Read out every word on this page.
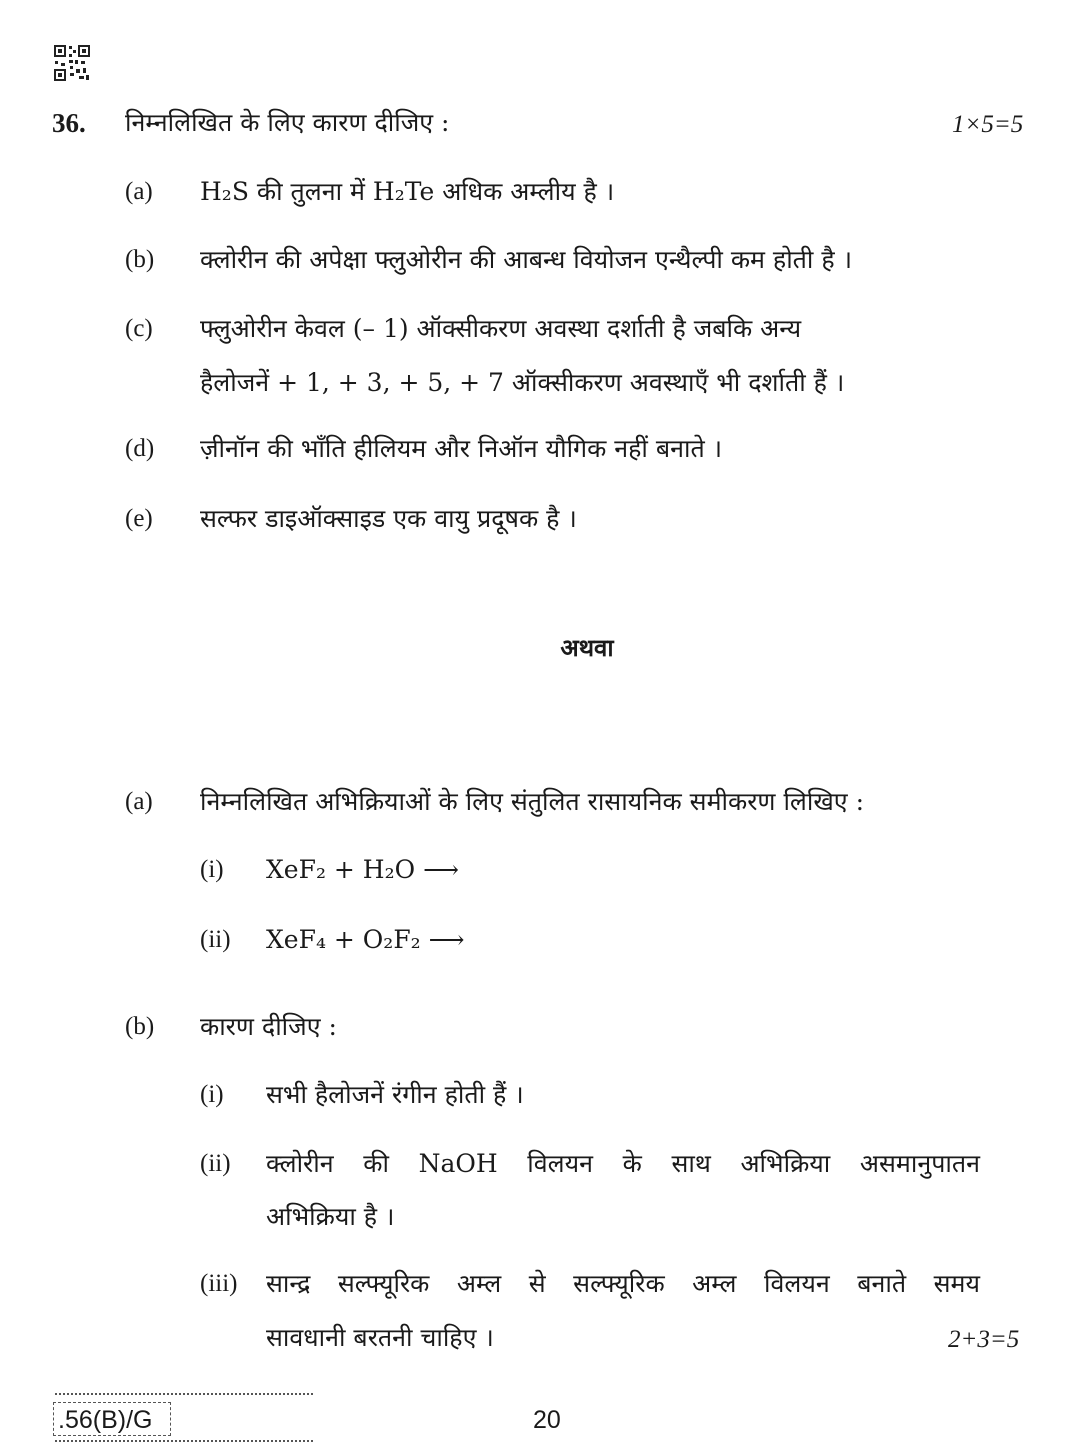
36. निम्नलिखित के लिए कारण दीजिए :	1×5=5
(a) H₂S की तुलना में H₂Te अधिक अम्लीय है ।
(b) क्लोरीन की अपेक्षा फ्लुओरीन की आबन्ध वियोजन एन्थैल्पी कम होती है ।
(c) फ्लुओरीन केवल (– 1) ऑक्सीकरण अवस्था दर्शाती है जबकि अन्य
हैलोजनें + 1, + 3, + 5, + 7 ऑक्सीकरण अवस्थाएँ भी दर्शाती हैं ।
(d) ज़ीनॉन की भाँति हीलियम और निऑन यौगिक नहीं बनाते ।
(e) सल्फर डाइऑक्साइड एक वायु प्रदूषक है ।
अथवा
(a) निम्नलिखित अभिक्रियाओं के लिए संतुलित रासायनिक समीकरण लिखिए :
(i) XeF₂ + H₂O ⟶
(ii) XeF₄ + O₂F₂ ⟶
(b) कारण दीजिए :
(i) सभी हैलोजनें रंगीन होती हैं ।
(ii) क्लोरीन की NaOH विलयन के साथ अभिक्रिया असमानुपातन
अभिक्रिया है ।
(iii) सान्द्र सल्फ्यूरिक अम्ल से सल्फ्यूरिक अम्ल विलयन बनाते समय
सावधानी बरतनी चाहिए ।	2+3=5
.56(B)/G	20
